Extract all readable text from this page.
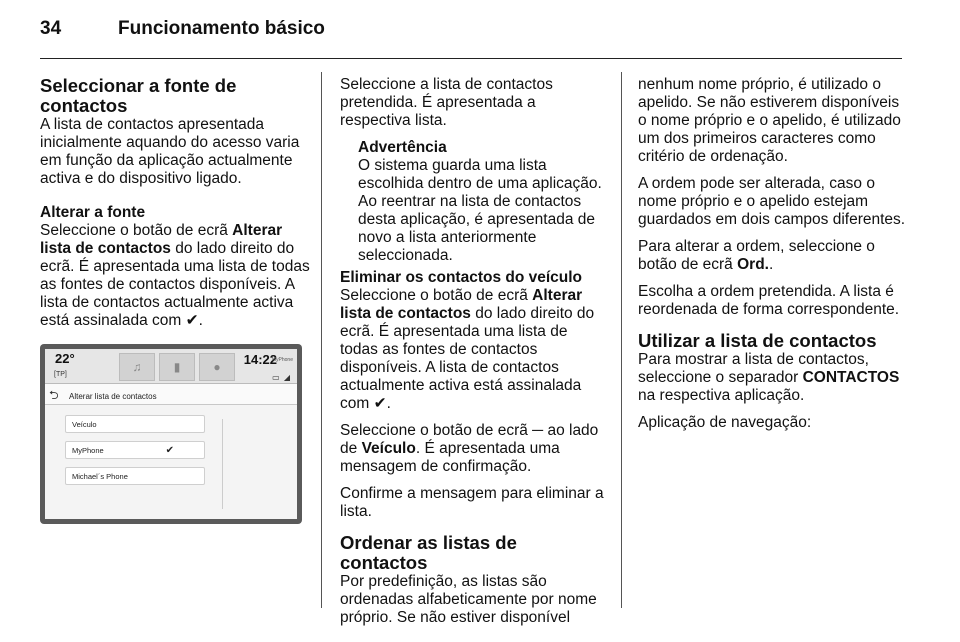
34	Funcionamento básico
Seleccionar a fonte de contactos

A lista de contactos apresentada inicialmente aquando do acesso varia em função da aplicação actualmente activa e do dispositivo ligado.

Alterar a fonte

Seleccione o botão de ecrã Alterar lista de contactos do lado direito do ecrã. É apresentada uma lista de todas as fontes de contactos disponíveis. A lista de contactos actualmente activa está assinalada com ✔.

22°
[TP]
♫	▮	●	14:22
MyPhone
▭ ◢
⮌ Alterar lista de contactos
Veículo
MyPhone	✔
Michael´s Phone

Seleccione a lista de contactos pretendida. É apresentada a respectiva lista.

Advertência
O sistema guarda uma lista escolhida dentro de uma aplicação. Ao reentrar na lista de contactos desta aplicação, é apresentada de novo a lista anteriormente seleccionada.
Eliminar os contactos do veículo

Seleccione o botão de ecrã Alterar lista de contactos do lado direito do ecrã. É apresentada uma lista de todas as fontes de contactos disponíveis. A lista de contactos actualmente activa está assinalada com ✔.

Seleccione o botão de ecrã ─ ao lado de Veículo. É apresentada uma mensagem de confirmação.

Confirme a mensagem para eliminar a lista.

Ordenar as listas de contactos

Por predefinição, as listas são ordenadas alfabeticamente por nome próprio. Se não estiver disponível

nenhum nome próprio, é utilizado o apelido. Se não estiverem disponíveis o nome próprio e o apelido, é utilizado um dos primeiros caracteres como critério de ordenação.

A ordem pode ser alterada, caso o nome próprio e o apelido estejam guardados em dois campos diferentes.

Para alterar a ordem, seleccione o botão de ecrã Ord..

Escolha a ordem pretendida. A lista é reordenada de forma correspondente.

Utilizar a lista de contactos

Para mostrar a lista de contactos, seleccione o separador CONTACTOS na respectiva aplicação.

Aplicação de navegação:
